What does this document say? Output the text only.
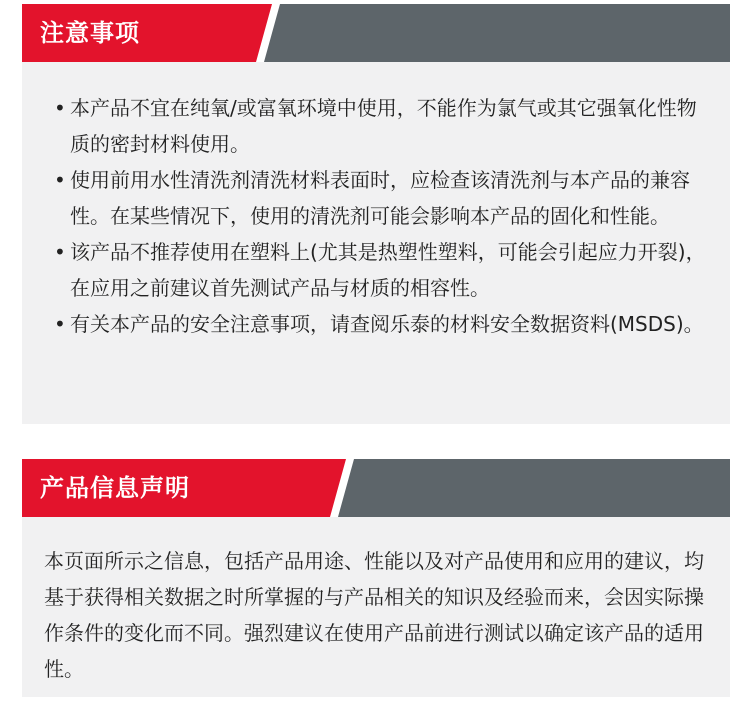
注意事项
• 本产品不宜在纯氧/或富氧环境中使用，不能作为氯气或其它强氧化性物质的密封材料使用。
• 使用前用水性清洗剂清洗材料表面时，应检查该清洗剂与本产品的兼容性。在某些情况下，使用的清洗剂可能会影响本产品的固化和性能。
• 该产品不推荐使用在塑料上(尤其是热塑性塑料，可能会引起应力开裂)，在应用之前建议首先测试产品与材质的相容性。
• 有关本产品的安全注意事项，请查阅乐泰的材料安全数据资料(MSDS)。
产品信息声明

本页面所示之信息，包括产品用途、性能以及对产品使用和应用的建议，均基于获得相关数据之时所掌握的与产品相关的知识及经验而来，会因实际操作条件的变化而不同。强烈建议在使用产品前进行测试以确定该产品的适用性。
